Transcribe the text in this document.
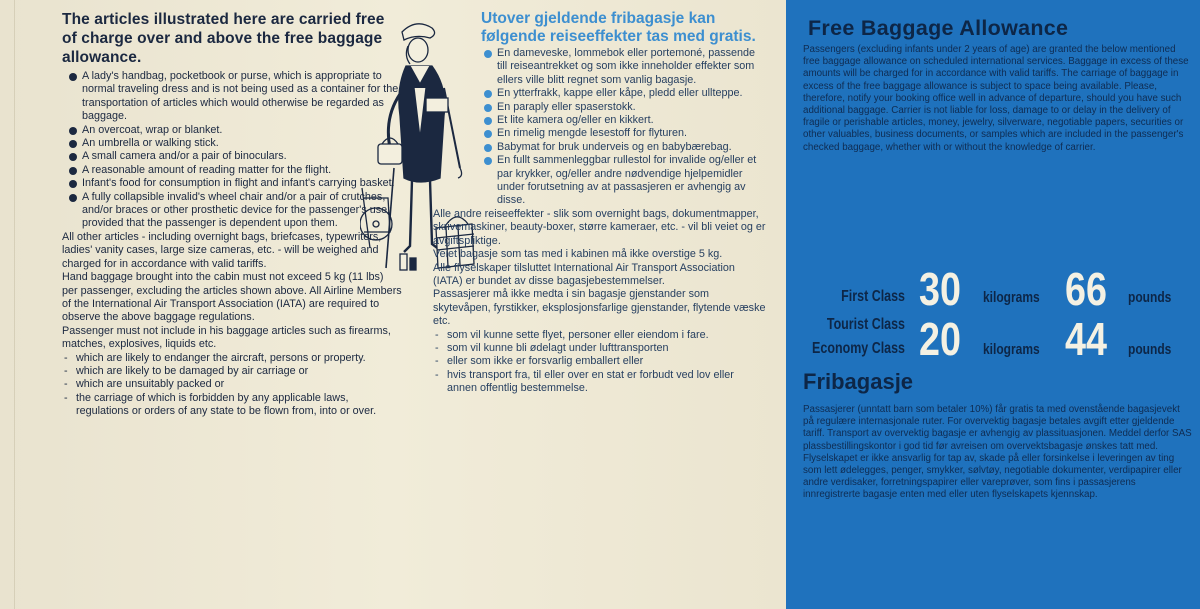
The articles illustrated here are carried free of charge over and above the free baggage allowance.
A lady's handbag, pocketbook or purse, which is appropriate to normal traveling dress and is not being used as a container for the transportation of articles which would otherwise be regarded as baggage.
An overcoat, wrap or blanket.
An umbrella or walking stick.
A small camera and/or a pair of binoculars.
A reasonable amount of reading matter for the flight.
Infant's food for consumption in flight and infant's carrying basket.
A fully collapsible invalid's wheel chair and/or a pair of crutches, and/or braces or other prosthetic device for the passenger's use; provided that the passenger is dependent upon them.
All other articles - including overnight bags, briefcases, typewriters, ladies' vanity cases, large size cameras, etc. - will be weighed and charged for in accordance with valid tariffs.
Hand baggage brought into the cabin must not exceed 5 kg (11 lbs) per passenger, excluding the articles shown above. All Airline Members of the International Air Transport Association (IATA) are required to observe the above baggage regulations.
Passenger must not include in his baggage articles such as firearms, matches, explosives, liquids etc.
- which are likely to endanger the aircraft, persons or property.
- which are likely to be damaged by air carriage or
- which are unsuitably packed or
- the carriage of which is forbidden by any applicable laws, regulations or orders of any state to be flown from, into or over.
Utover gjeldende fribagasje kan følgende reiseeffekter tas med gratis.
En dameveske, lommebok eller portemoné, passende till reiseantrekket og som ikke inneholder effekter som ellers ville blitt regnet som vanlig bagasje.
En ytterfrakk, kappe eller kåpe, pledd eller ullteppe.
En paraply eller spaserstokk.
Et lite kamera og/eller en kikkert.
En rimelig mengde lesestoff for flyturen.
Babymat for bruk underveis og en babybærebag.
En fullt sammenleggbar rullestol for invalide og/eller et par krykker, og/eller andre nødvendige hjelpemidler under forutsetning av at passasjeren er avhengig av disse.
Alle andre reiseeffekter - slik som overnight bags, dokumentmapper, skrivemaskiner, beauty-boxer, større kameraer, etc. - vil bli veiet og er avgiftspliktige.
Veiet bagasje som tas med i kabinen må ikke overstige 5 kg.
Alle flyselskaper tilsluttet International Air Transport Association (IATA) er bundet av disse bagasjebestemmelser.
Passasjerer må ikke medta i sin bagasje gjenstander som skytevåpen, fyrstikker, eksplosjonsfarlige gjenstander, flytende væske etc.
- som vil kunne sette flyet, personer eller eiendom i fare.
- som vil kunne bli ødelagt under lufttransporten
- eller som ikke er forsvarlig emballert eller
- hvis transport fra, til eller over en stat er forbudt ved lov eller annen offentlig bestemmelse.
Free Baggage Allowance
Passengers (excluding infants under 2 years of age) are granted the below mentioned free baggage allowance on scheduled international services. Baggage in excess of these amounts will be charged for in accordance with valid tariffs. The carriage of baggage in excess of the free baggage allowance is subject to space being available. Please, therefore, notify your booking office well in advance of departure, should you have such additional baggage. Carrier is not liable for loss, damage to or delay in the delivery of fragile or perishable articles, money, jewelry, silverware, negotiable papers, securities or other valuables, business documents, or samples which are included in the passenger's checked baggage, whether with or without the knowledge of carrier.
First Class 30 kilograms 66 pounds
Tourist Class
Economy Class 20 kilograms 44 pounds
Fribagasje
Passasjerer (unntatt barn som betaler 10%) får gratis ta med ovenstående bagasjevekt på regulære internasjonale ruter. For overvektig bagasje betales avgift etter gjeldende tariff. Transport av overvektig bagasje er avhengig av plassituasjonen. Meddel derfor SAS plassbestillingskontor i god tid før avreisen om overvektsbagasje ønskes tatt med. Flyselskapet er ikke ansvarlig for tap av, skade på eller forsinkelse i leveringen av ting som lett ødelegges, penger, smykker, sølvtøy, negotiable dokumenter, verdipapirer eller andre verdisaker, forretningspapirer eller vareprøver, som fins i passasjerens innregistrerte bagasje enten med eller uten flyselskapets kjennskap.
